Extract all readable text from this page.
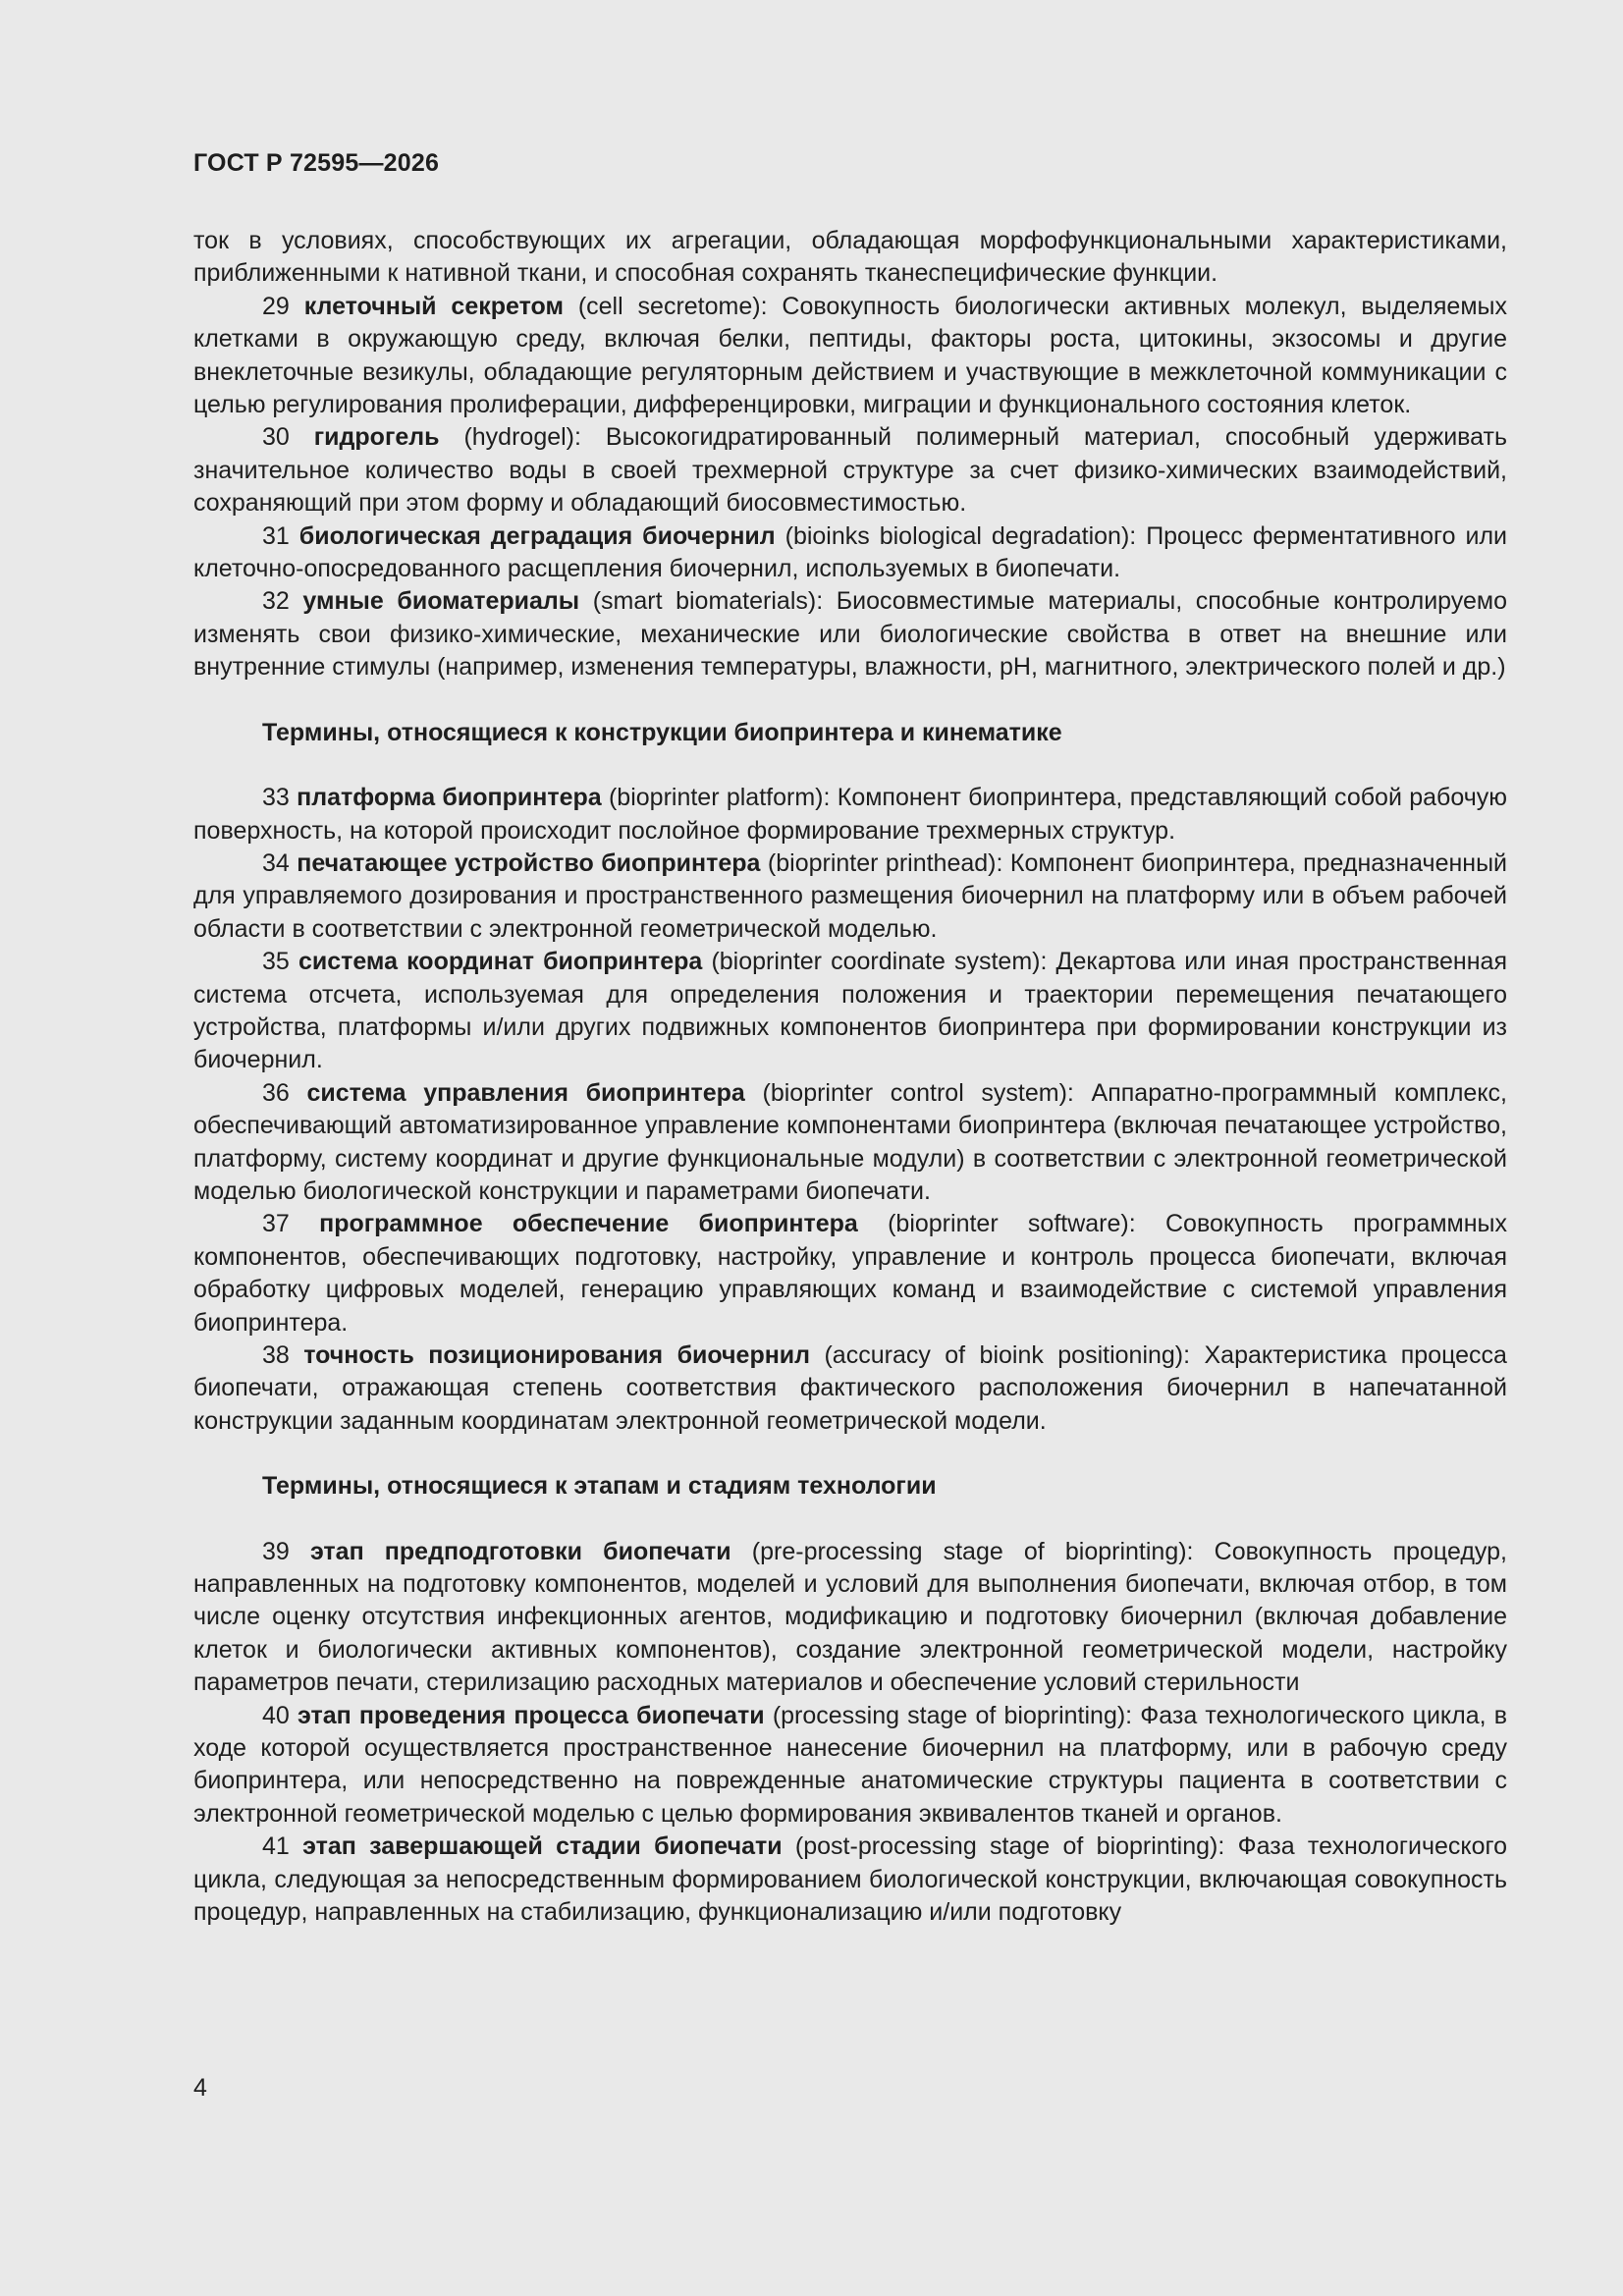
ГОСТ Р 72595—2026

ток в условиях, способствующих их агрегации, обладающая морфофункциональными характеристиками, приближенными к нативной ткани, и способная сохранять тканеспецифические функции.

29 клеточный секретом (cell secretome): Совокупность биологически активных молекул, выделяемых клетками в окружающую среду, включая белки, пептиды, факторы роста, цитокины, экзосомы и другие внеклеточные везикулы, обладающие регуляторным действием и участвующие в межклеточной коммуникации с целью регулирования пролиферации, дифференцировки, миграции и функционального состояния клеток.

30 гидрогель (hydrogel): Высокогидратированный полимерный материал, способный удерживать значительное количество воды в своей трехмерной структуре за счет физико-химических взаимодействий, сохраняющий при этом форму и обладающий биосовместимостью.

31 биологическая деградация биочернил (bioinks biological degradation): Процесс ферментативного или клеточно-опосредованного расщепления биочернил, используемых в биопечати.

32 умные биоматериалы (smart biomaterials): Биосовместимые материалы, способные контролируемо изменять свои физико-химические, механические или биологические свойства в ответ на внешние или внутренние стимулы (например, изменения температуры, влажности, pH, магнитного, электрического полей и др.)

Термины, относящиеся к конструкции биопринтера и кинематике

33 платформа биопринтера (bioprinter platform): Компонент биопринтера, представляющий собой рабочую поверхность, на которой происходит послойное формирование трехмерных структур.

34 печатающее устройство биопринтера (bioprinter printhead): Компонент биопринтера, предназначенный для управляемого дозирования и пространственного размещения биочернил на платформу или в объем рабочей области в соответствии с электронной геометрической моделью.

35 система координат биопринтера (bioprinter coordinate system): Декартова или иная пространственная система отсчета, используемая для определения положения и траектории перемещения печатающего устройства, платформы и/или других подвижных компонентов биопринтера при формировании конструкции из биочернил.

36 система управления биопринтера (bioprinter control system): Аппаратно-программный комплекс, обеспечивающий автоматизированное управление компонентами биопринтера (включая печатающее устройство, платформу, систему координат и другие функциональные модули) в соответствии с электронной геометрической моделью биологической конструкции и параметрами биопечати.

37 программное обеспечение биопринтера (bioprinter software): Совокупность программных компонентов, обеспечивающих подготовку, настройку, управление и контроль процесса биопечати, включая обработку цифровых моделей, генерацию управляющих команд и взаимодействие с системой управления биопринтера.

38 точность позиционирования биочернил (accuracy of bioink positioning): Характеристика процесса биопечати, отражающая степень соответствия фактического расположения биочернил в напечатанной конструкции заданным координатам электронной геометрической модели.

Термины, относящиеся к этапам и стадиям технологии

39 этап предподготовки биопечати (pre-processing stage of bioprinting): Совокупность процедур, направленных на подготовку компонентов, моделей и условий для выполнения биопечати, включая отбор, в том числе оценку отсутствия инфекционных агентов, модификацию и подготовку биочернил (включая добавление клеток и биологически активных компонентов), создание электронной геометрической модели, настройку параметров печати, стерилизацию расходных материалов и обеспечение условий стерильности

40 этап проведения процесса биопечати (processing stage of bioprinting): Фаза технологического цикла, в ходе которой осуществляется пространственное нанесение биочернил на платформу, или в рабочую среду биопринтера, или непосредственно на поврежденные анатомические структуры пациента в соответствии с электронной геометрической моделью с целью формирования эквивалентов тканей и органов.

41 этап завершающей стадии биопечати (post-processing stage of bioprinting): Фаза технологического цикла, следующая за непосредственным формированием биологической конструкции, включающая совокупность процедур, направленных на стабилизацию, функционализацию и/или подготовку

4
